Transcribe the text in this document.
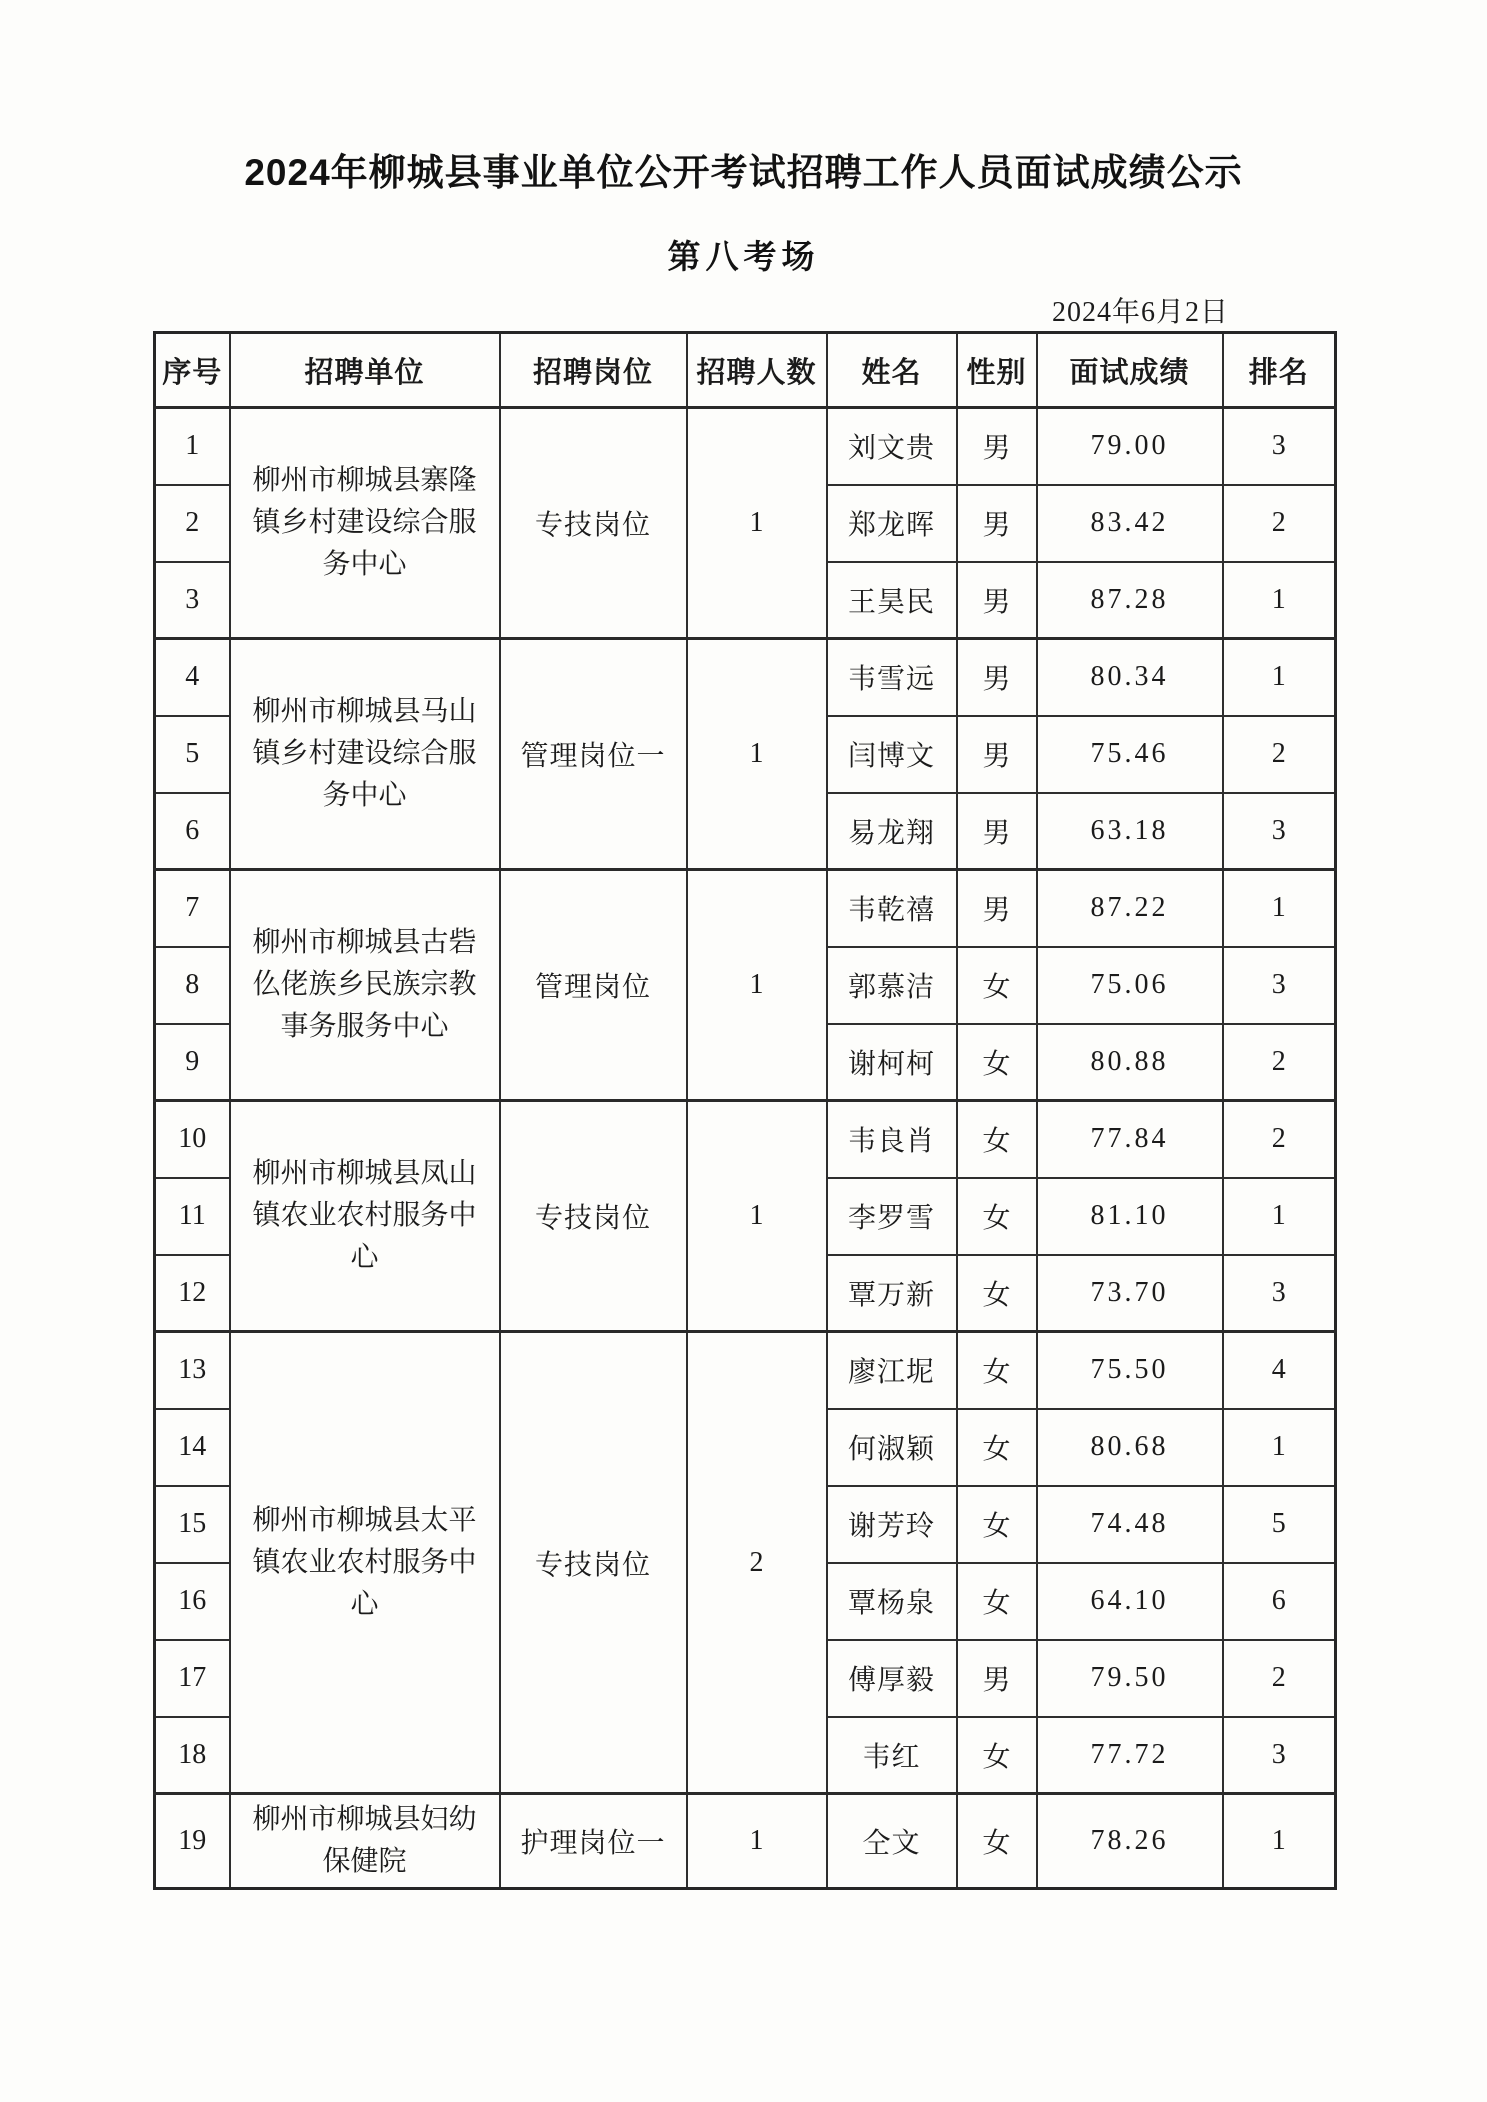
2024年柳城县事业单位公开考试招聘工作人员面试成绩公示
第八考场
2024年6月2日
序号	招聘单位	招聘岗位	招聘人数	姓名	性别	面试成绩	排名
1	柳州市柳城县寨隆镇乡村建设综合服务中心	专技岗位	1	刘文贵	男	79.00	3
2				郑龙晖	男	83.42	2
3				王昊民	男	87.28	1
4	柳州市柳城县马山镇乡村建设综合服务中心	管理岗位一	1	韦雪远	男	80.34	1
5				闫博文	男	75.46	2
6				易龙翔	男	63.18	3
7	柳州市柳城县古砦仫佬族乡民族宗教事务服务中心	管理岗位	1	韦乾禧	男	87.22	1
8				郭慕洁	女	75.06	3
9				谢柯柯	女	80.88	2
10	柳州市柳城县凤山镇农业农村服务中心	专技岗位	1	韦良肖	女	77.84	2
11				李罗雪	女	81.10	1
12				覃万新	女	73.70	3
13	柳州市柳城县太平镇农业农村服务中心	专技岗位	2	廖江坭	女	75.50	4
14				何淑颖	女	80.68	1
15				谢芳玲	女	74.48	5
16				覃杨泉	女	64.10	6
17				傅厚毅	男	79.50	2
18				韦红	女	77.72	3
19	柳州市柳城县妇幼保健院	护理岗位一	1	仝文	女	78.26	1
